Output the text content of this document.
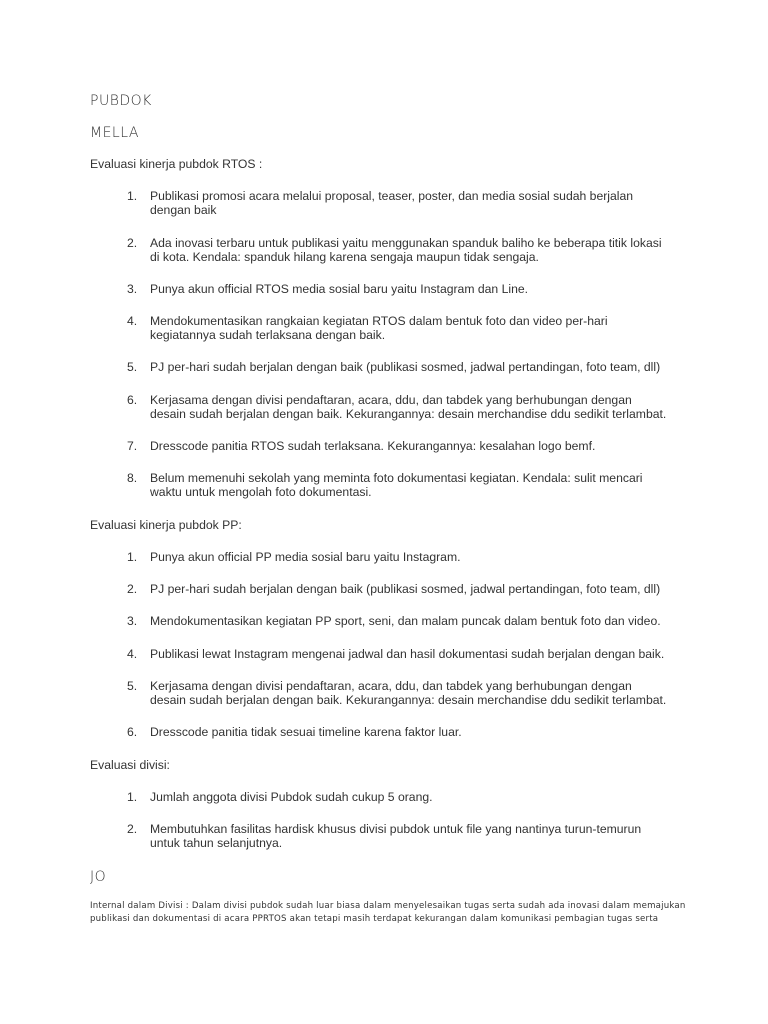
PUBDOK
MELLA
Evaluasi kinerja pubdok RTOS :
1. Publikasi promosi acara melalui proposal, teaser, poster, dan media sosial sudah berjalan dengan baik
2. Ada inovasi terbaru untuk publikasi yaitu menggunakan spanduk baliho ke beberapa titik lokasi di kota. Kendala: spanduk hilang karena sengaja maupun tidak sengaja.
3. Punya akun official RTOS media sosial baru yaitu Instagram dan Line.
4. Mendokumentasikan rangkaian kegiatan RTOS dalam bentuk foto dan video per-hari kegiatannya sudah terlaksana dengan baik.
5. PJ per-hari sudah berjalan dengan baik (publikasi sosmed, jadwal pertandingan, foto team, dll)
6. Kerjasama dengan divisi pendaftaran, acara, ddu, dan tabdek yang berhubungan dengan desain sudah berjalan dengan baik. Kekurangannya: desain merchandise ddu sedikit terlambat.
7. Dresscode panitia RTOS sudah terlaksana. Kekurangannya: kesalahan logo bemf.
8. Belum memenuhi sekolah yang meminta foto dokumentasi kegiatan. Kendala: sulit mencari waktu untuk mengolah foto dokumentasi.
Evaluasi kinerja pubdok PP:
1. Punya akun official PP media sosial baru yaitu Instagram.
2. PJ per-hari sudah berjalan dengan baik (publikasi sosmed, jadwal pertandingan, foto team, dll)
3. Mendokumentasikan kegiatan PP sport, seni, dan malam puncak dalam bentuk foto dan video.
4. Publikasi lewat Instagram mengenai jadwal dan hasil dokumentasi sudah berjalan dengan baik.
5. Kerjasama dengan divisi pendaftaran, acara, ddu, dan tabdek yang berhubungan dengan desain sudah berjalan dengan baik. Kekurangannya: desain merchandise ddu sedikit terlambat.
6. Dresscode panitia tidak sesuai timeline karena faktor luar.
Evaluasi divisi:
1. Jumlah anggota divisi Pubdok sudah cukup 5 orang.
2. Membutuhkan fasilitas hardisk khusus divisi pubdok untuk file yang nantinya turun-temurun untuk tahun selanjutnya.
JO
Internal dalam Divisi : Dalam divisi pubdok sudah luar biasa dalam menyelesaikan tugas serta sudah ada inovasi dalam memajukan publikasi dan dokumentasi di acara PPRTOS akan tetapi masih terdapat kekurangan dalam komunikasi pembagian tugas serta
